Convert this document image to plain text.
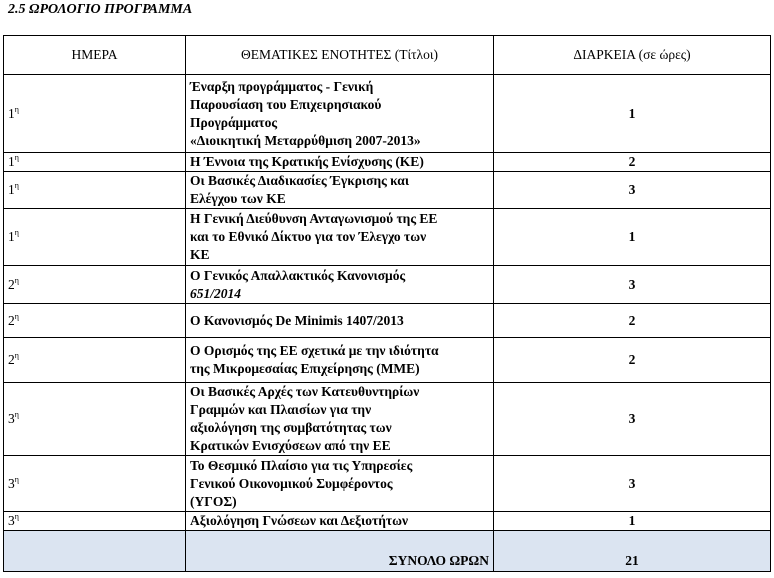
2.5 ΩΡΟΛΟΓΙΟ ΠΡΟΓΡΑΜΜΑ
ΗΜΕΡΑ	ΘΕΜΑΤΙΚΕΣ ΕΝΟΤΗΤΕΣ (Τίτλοι)	ΔΙΑΡΚΕΙΑ (σε ώρες)
$1^\eta$	Έναρξη προγράμματος - Γενική
Παρουσίαση του Επιχειρησιακού
Προγράμματος
«Διοικητική Μεταρρύθμιση 2007-2013»	1
$1^\eta$	Η Έννοια της Κρατικής Ενίσχυσης (ΚΕ)	2
$1^\eta$	Οι Βασικές Διαδικασίες Έγκρισης και
Ελέγχου των ΚΕ	3
$1^\eta$	Η Γενική Διεύθυνση Ανταγωνισμού της ΕΕ
και το Εθνικό Δίκτυο για τον Έλεγχο των
ΚΕ	1
$2^\eta$	Ο Γενικός Απαλλακτικός Κανονισμός
651/2014	3
$2^\eta$	Ο Κανονισμός De Minimis 1407/2013	2
$2^\eta$	Ο Ορισμός της ΕΕ σχετικά με την ιδιότητα
της Μικρομεσαίας Επιχείρησης (ΜΜΕ)	2
$3^\eta$	Οι Βασικές Αρχές των Κατευθυντηρίων
Γραμμών και Πλαισίων για την
αξιολόγηση της συμβατότητας των
Κρατικών Ενισχύσεων από την ΕΕ	3
$3^\eta$	Το Θεσμικό Πλαίσιο για τις Υπηρεσίες
Γενικού Οικονομικού Συμφέροντος
(ΥΓΟΣ)	3
$3^\eta$	Αξιολόγηση Γνώσεων και Δεξιοτήτων	1
	ΣΥΝΟΛΟ ΩΡΩΝ	21
